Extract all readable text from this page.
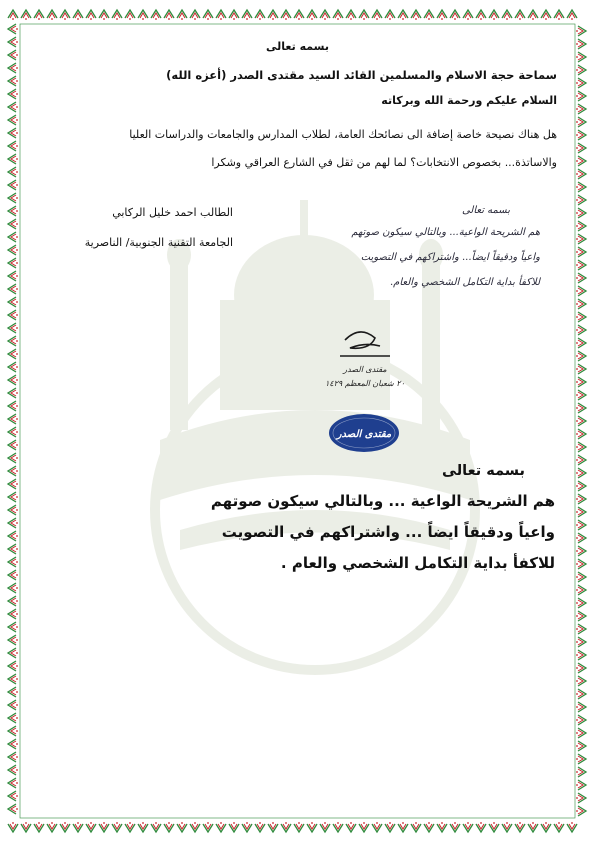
بسمه تعالى
سماحة حجة الاسلام والمسلمين القائد السيد مقتدى الصدر (أعزه الله)
السلام عليكم ورحمة الله وبركاته
هل هناك نصيحة خاصة إضافة الى نصائحك العامة، لطلاب المدارس والجامعات والدراسات العليا
والاساتذة... بخصوص الانتخابات؟ لما لهم من ثقل في الشارع العراقي وشكرا
الطالب احمد خليل الركابي
الجامعة التقنية الجنوبية/ الناصرية
بسمه تعالى
هم الشريحة الواعية... وبالتالي سيكون صوتهم
واعياً ودقيقاً ايضاً... واشتراكهم في التصويت
للاكفأ بداية التكامل الشخصي والعام.
مقتدى الصدر
٢٠ شعبان المعظم ١٤٢٩
مقتدى الصدر
بسمه تعالى
هم الشريحة الواعية ... وبالتالي سيكون صوتهم
واعياً ودقيقاً ايضاً ... واشتراكهم في التصويت
للاكفأ بداية التكامل الشخصي والعام .
